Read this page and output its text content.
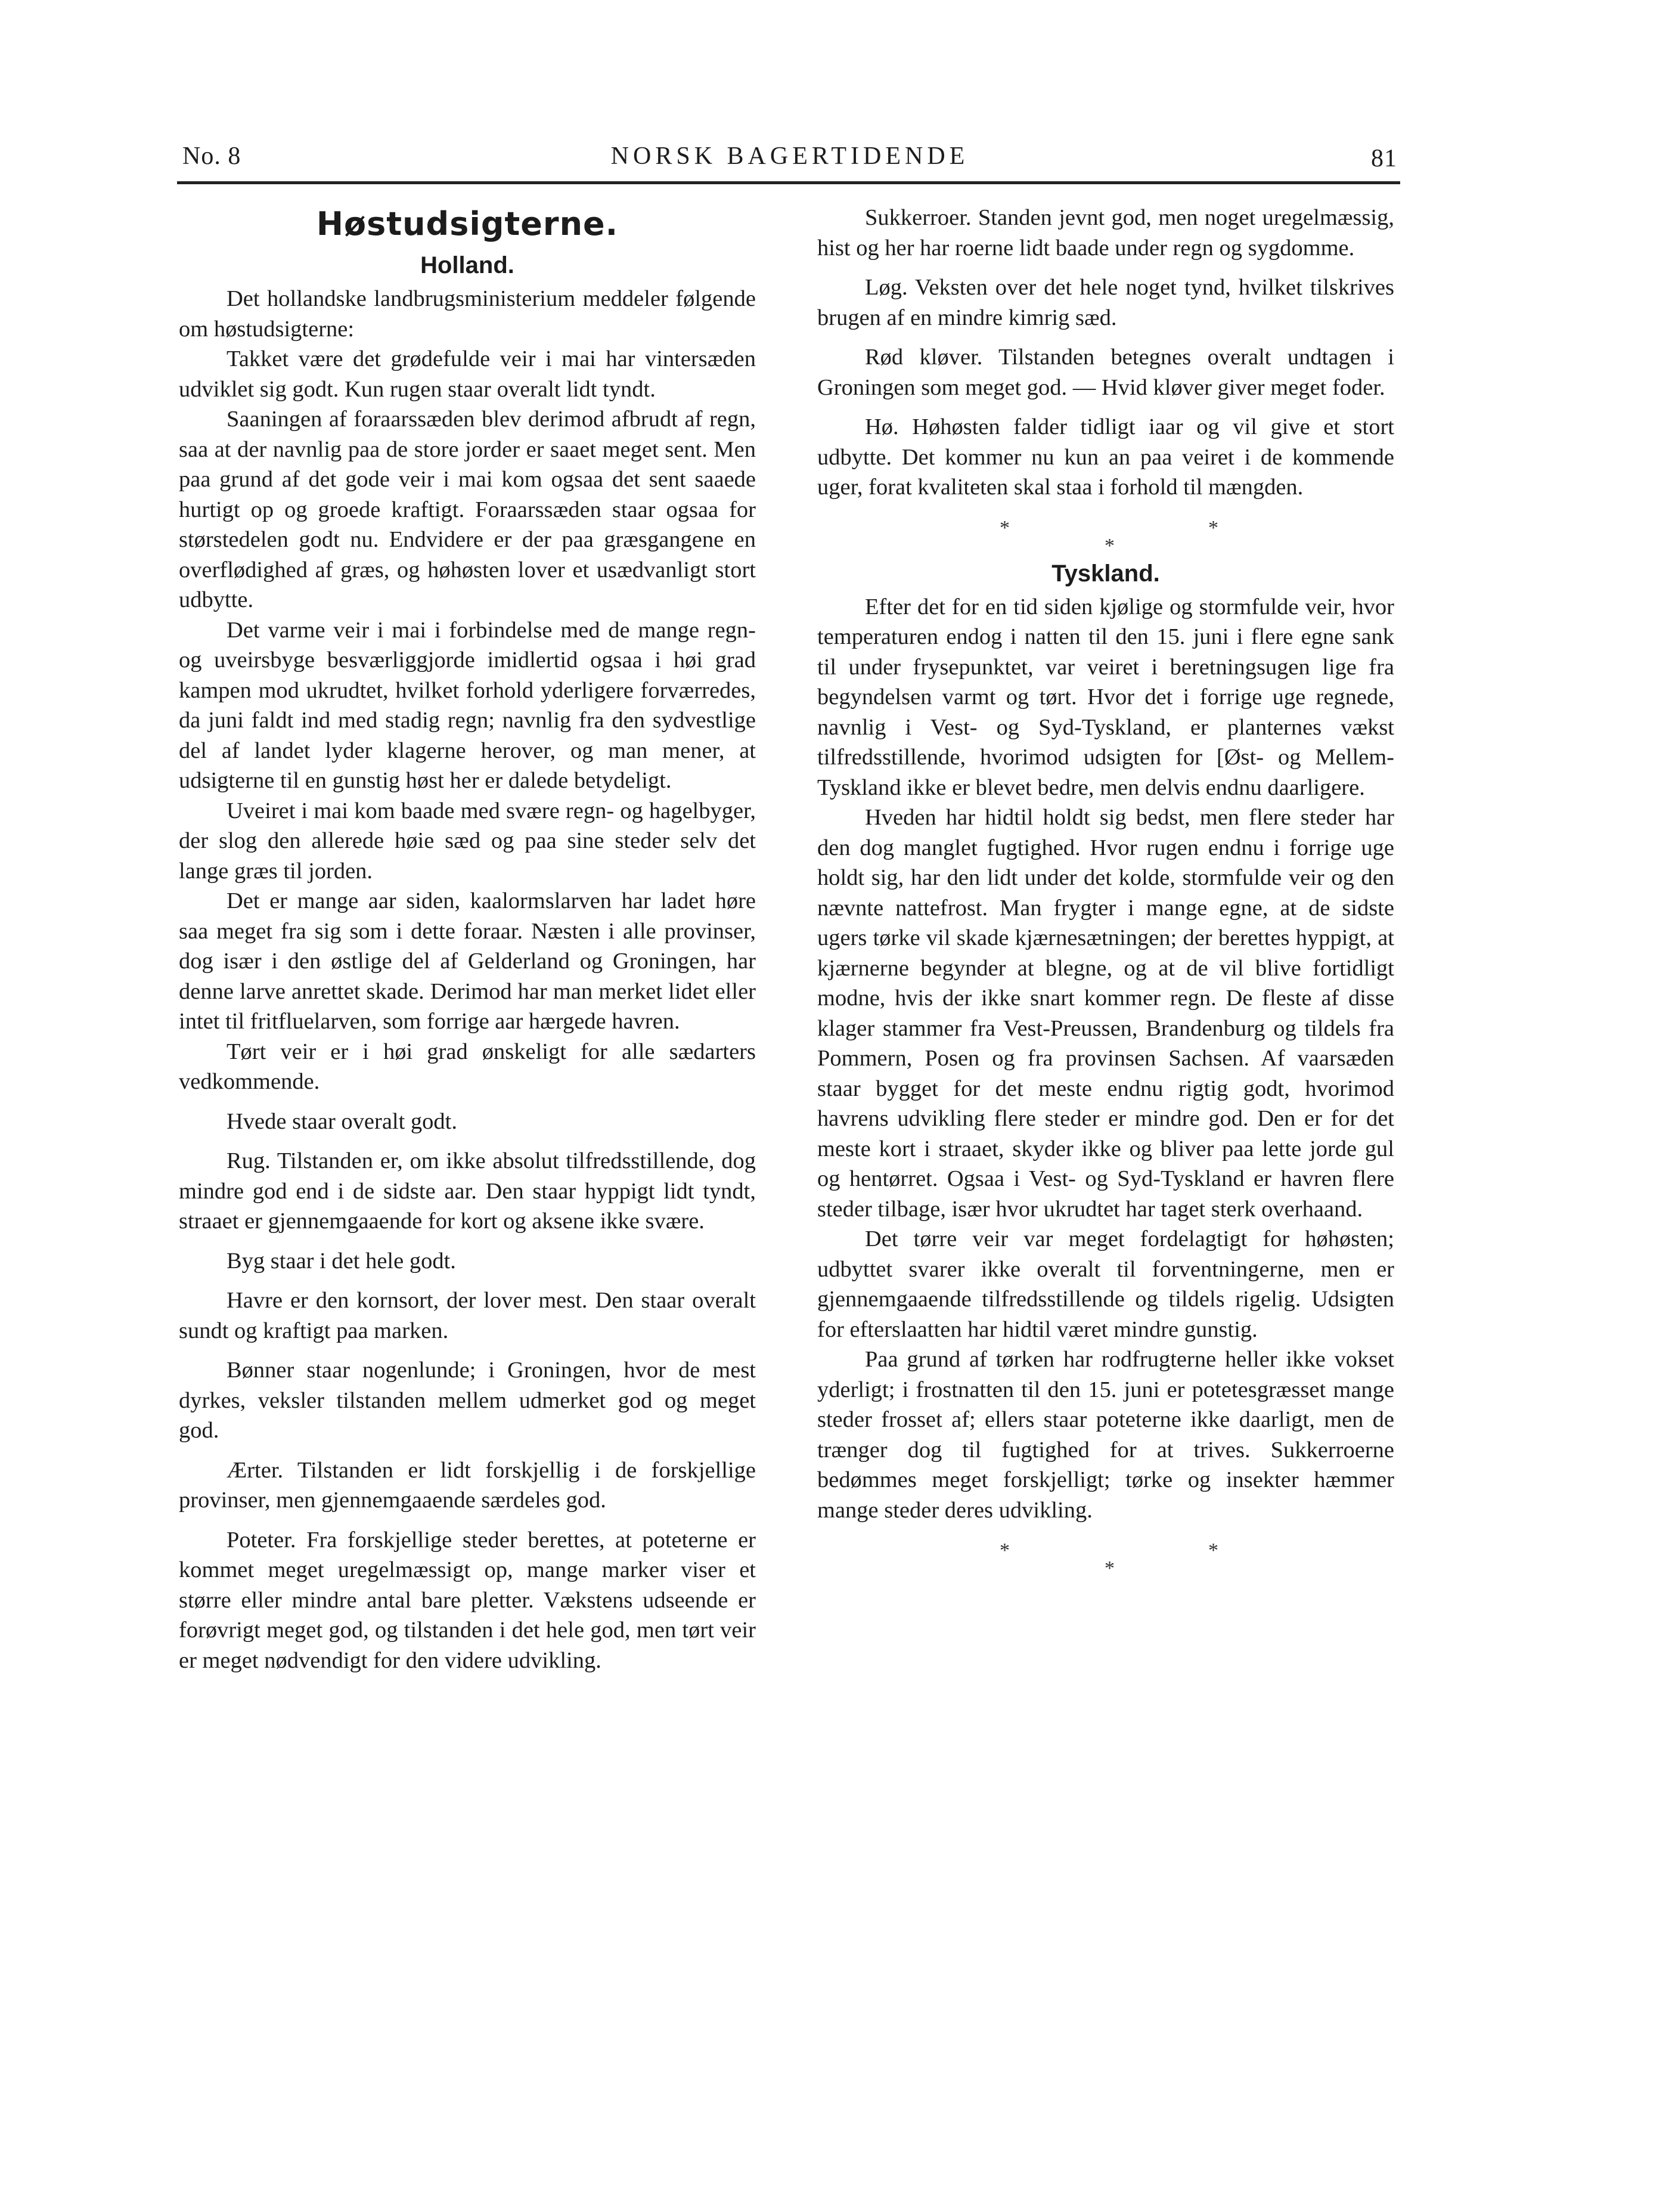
No. 8	NORSK BAGERTIDENDE	81
Høstudsigterne.
Holland.

Det hollandske landbrugsministerium meddeler følgende om høstudsigterne:

Takket være det grødefulde veir i mai har vintersæden udviklet sig godt. Kun rugen staar overalt lidt tyndt.

Saaningen af foraarssæden blev derimod afbrudt af regn, saa at der navnlig paa de store jorder er saaet meget sent. Men paa grund af det gode veir i mai kom ogsaa det sent saaede hurtigt op og groede kraftigt. Foraarssæden staar ogsaa for størstedelen godt nu. Endvidere er der paa græsgangene en overflødighed af græs, og høhøsten lover et usædvanligt stort udbytte.

Det varme veir i mai i forbindelse med de mange regn- og uveirsbyge besværliggjorde imidlertid ogsaa i høi grad kampen mod ukrudtet, hvilket forhold yderligere forværredes, da juni faldt ind med stadig regn; navnlig fra den sydvestlige del af landet lyder klagerne herover, og man mener, at udsigterne til en gunstig høst her er dalede betydeligt.

Uveiret i mai kom baade med svære regn- og hagelbyger, der slog den allerede høie sæd og paa sine steder selv det lange græs til jorden.

Det er mange aar siden, kaalormslarven har ladet høre saa meget fra sig som i dette foraar. Næsten i alle provinser, dog især i den østlige del af Gelderland og Groningen, har denne larve anrettet skade. Derimod har man merket lidet eller intet til fritfluelarven, som forrige aar hærgede havren.

Tørt veir er i høi grad ønskeligt for alle sædarters vedkommende.

Hvede staar overalt godt.

Rug. Tilstanden er, om ikke absolut tilfredsstillende, dog mindre god end i de sidste aar. Den staar hyppigt lidt tyndt, straaet er gjennemgaaende for kort og aksene ikke svære.

Byg staar i det hele godt.

Havre er den kornsort, der lover mest. Den staar overalt sundt og kraftigt paa marken.

Bønner staar nogenlunde; i Groningen, hvor de mest dyrkes, veksler tilstanden mellem udmerket god og meget god.

Ærter. Tilstanden er lidt forskjellig i de forskjellige provinser, men gjennemgaaende særdeles god.

Poteter. Fra forskjellige steder berettes, at poteterne er kommet meget uregelmæssigt op, mange marker viser et større eller mindre antal bare pletter. Vækstens udseende er forøvrigt meget god, og tilstanden i det hele god, men tørt veir er meget nødvendigt for den videre udvikling.

Sukkerroer. Standen jevnt god, men noget uregelmæssig, hist og her har roerne lidt baade under regn og sygdomme.

Løg. Veksten over det hele noget tynd, hvilket tilskrives brugen af en mindre kimrig sæd.

Rød kløver. Tilstanden betegnes overalt undtagen i Groningen som meget god. — Hvid kløver giver meget foder.

Hø. Høhøsten falder tidligt iaar og vil give et stort udbytte. Det kommer nu kun an paa veiret i de kommende uger, forat kvaliteten skal staa i forhold til mængden.

*
*
*
Tyskland.

Efter det for en tid siden kjølige og stormfulde veir, hvor temperaturen endog i natten til den 15. juni i flere egne sank til under frysepunktet, var veiret i beretningsugen lige fra begyndelsen varmt og tørt. Hvor det i forrige uge regnede, navnlig i Vest- og Syd-Tyskland, er planternes vækst tilfredsstillende, hvorimod udsigten for [Øst- og Mellem-Tyskland ikke er blevet bedre, men delvis endnu daarligere.

Hveden har hidtil holdt sig bedst, men flere steder har den dog manglet fugtighed. Hvor rugen endnu i forrige uge holdt sig, har den lidt under det kolde, stormfulde veir og den nævnte nattefrost. Man frygter i mange egne, at de sidste ugers tørke vil skade kjærnesætningen; der berettes hyppigt, at kjærnerne begynder at blegne, og at de vil blive fortidligt modne, hvis der ikke snart kommer regn. De fleste af disse klager stammer fra Vest-Preussen, Brandenburg og tildels fra Pommern, Posen og fra provinsen Sachsen. Af vaarsæden staar bygget for det meste endnu rigtig godt, hvorimod havrens udvikling flere steder er mindre god. Den er for det meste kort i straaet, skyder ikke og bliver paa lette jorde gul og hentørret. Ogsaa i Vest- og Syd-Tyskland er havren flere steder tilbage, især hvor ukrudtet har taget sterk overhaand.

Det tørre veir var meget fordelagtigt for høhøsten; udbyttet svarer ikke overalt til forventningerne, men er gjennemgaaende tilfredsstillende og tildels rigelig. Udsigten for efterslaatten har hidtil været mindre gunstig.

Paa grund af tørken har rodfrugterne heller ikke vokset yderligt; i frostnatten til den 15. juni er potetesgræsset mange steder frosset af; ellers staar poteterne ikke daarligt, men de trænger dog til fugtighed for at trives. Sukkerroerne bedømmes meget forskjelligt; tørke og insekter hæmmer mange steder deres udvikling.

*
*
*
